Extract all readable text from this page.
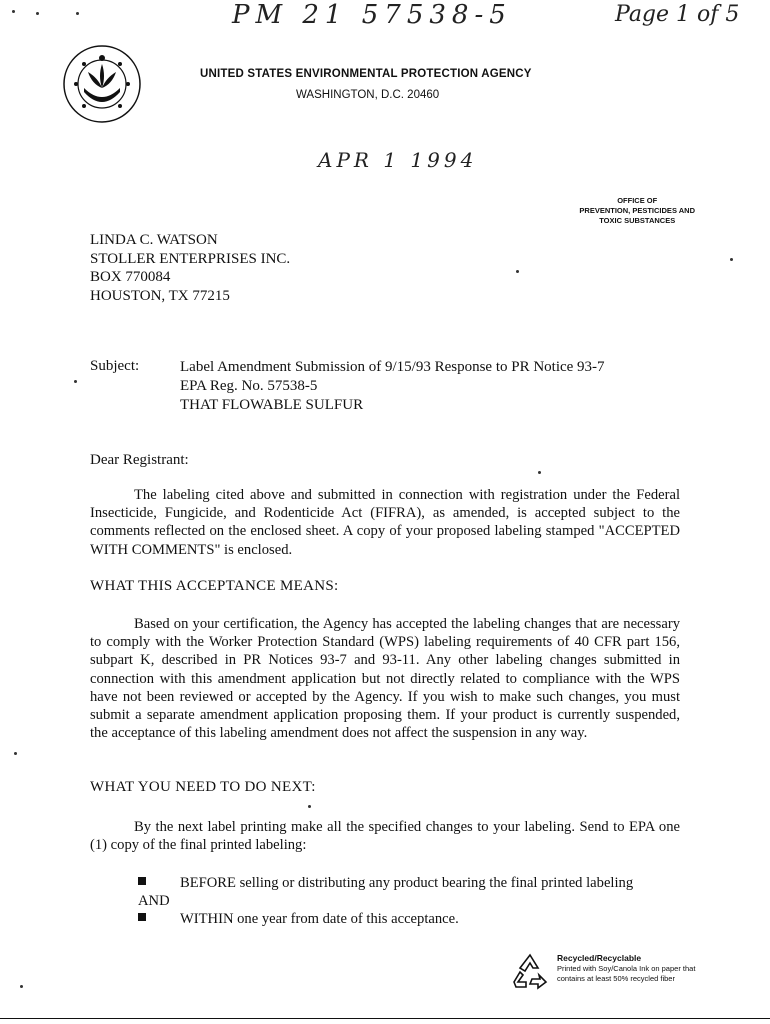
PM 21 57538-5	Page 1 of 5
APR 1 1994
UNITED STATES ENVIRONMENTAL PROTECTION AGENCY
WASHINGTON, D.C. 20460
OFFICE OF
PREVENTION, PESTICIDES AND
TOXIC SUBSTANCES
LINDA C. WATSON
STOLLER ENTERPRISES INC.
BOX 770084
HOUSTON, TX 77215
Subject:	Label Amendment Submission of 9/15/93 Response to PR Notice 93-7
EPA Reg. No. 57538-5
THAT FLOWABLE SULFUR
Dear Registrant:

The labeling cited above and submitted in connection with registration under the Federal Insecticide, Fungicide, and Rodenticide Act (FIFRA), as amended, is accepted subject to the comments reflected on the enclosed sheet. A copy of your proposed labeling stamped "ACCEPTED WITH COMMENTS" is enclosed.

WHAT THIS ACCEPTANCE MEANS:

Based on your certification, the Agency has accepted the labeling changes that are necessary to comply with the Worker Protection Standard (WPS) labeling requirements of 40 CFR part 156, subpart K, described in PR Notices 93-7 and 93-11. Any other labeling changes submitted in connection with this amendment application but not directly related to compliance with the WPS have not been reviewed or accepted by the Agency. If you wish to make such changes, you must submit a separate amendment application proposing them. If your product is currently suspended, the acceptance of this labeling amendment does not affect the suspension in any way.

WHAT YOU NEED TO DO NEXT:

By the next label printing make all the specified changes to your labeling. Send to EPA one (1) copy of the final printed labeling:

BEFORE selling or distributing any product bearing the final printed labeling
AND
WITHIN one year from date of this acceptance.
Recycled/Recyclable
Printed with Soy/Canola Ink on paper that
contains at least 50% recycled fiber
